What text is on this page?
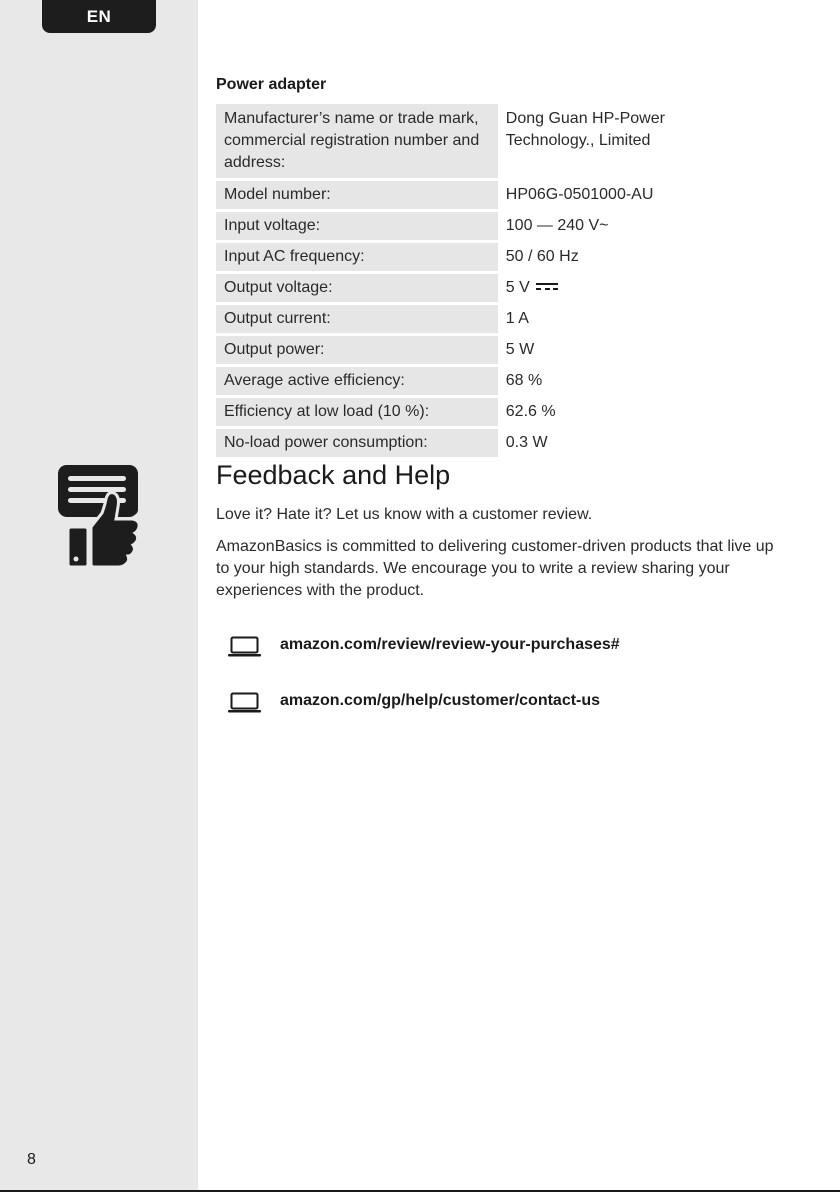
EN
8
Power adapter
Manufacturer’s name or trade mark, commercial registration number and address:	Dong Guan HP-Power Technology., Limited
Model number:	HP06G-0501000-AU
Input voltage:	100 — 240 V~
Input AC frequency:	50 / 60 Hz
Output voltage:	5 V

Output current:	1 A
Output power:	5 W
Average active efficiency:	68 %
Efficiency at low load (10 %):	62.6 %
No-load power consumption:	0.3 W
Feedback and Help
Love it? Hate it? Let us know with a customer review.
AmazonBasics is committed to delivering customer-driven products that live up to your high standards. We encourage you to write a review sharing your experiences with the product.
amazon.com/review/review-your-purchases#
amazon.com/gp/help/customer/contact-us
